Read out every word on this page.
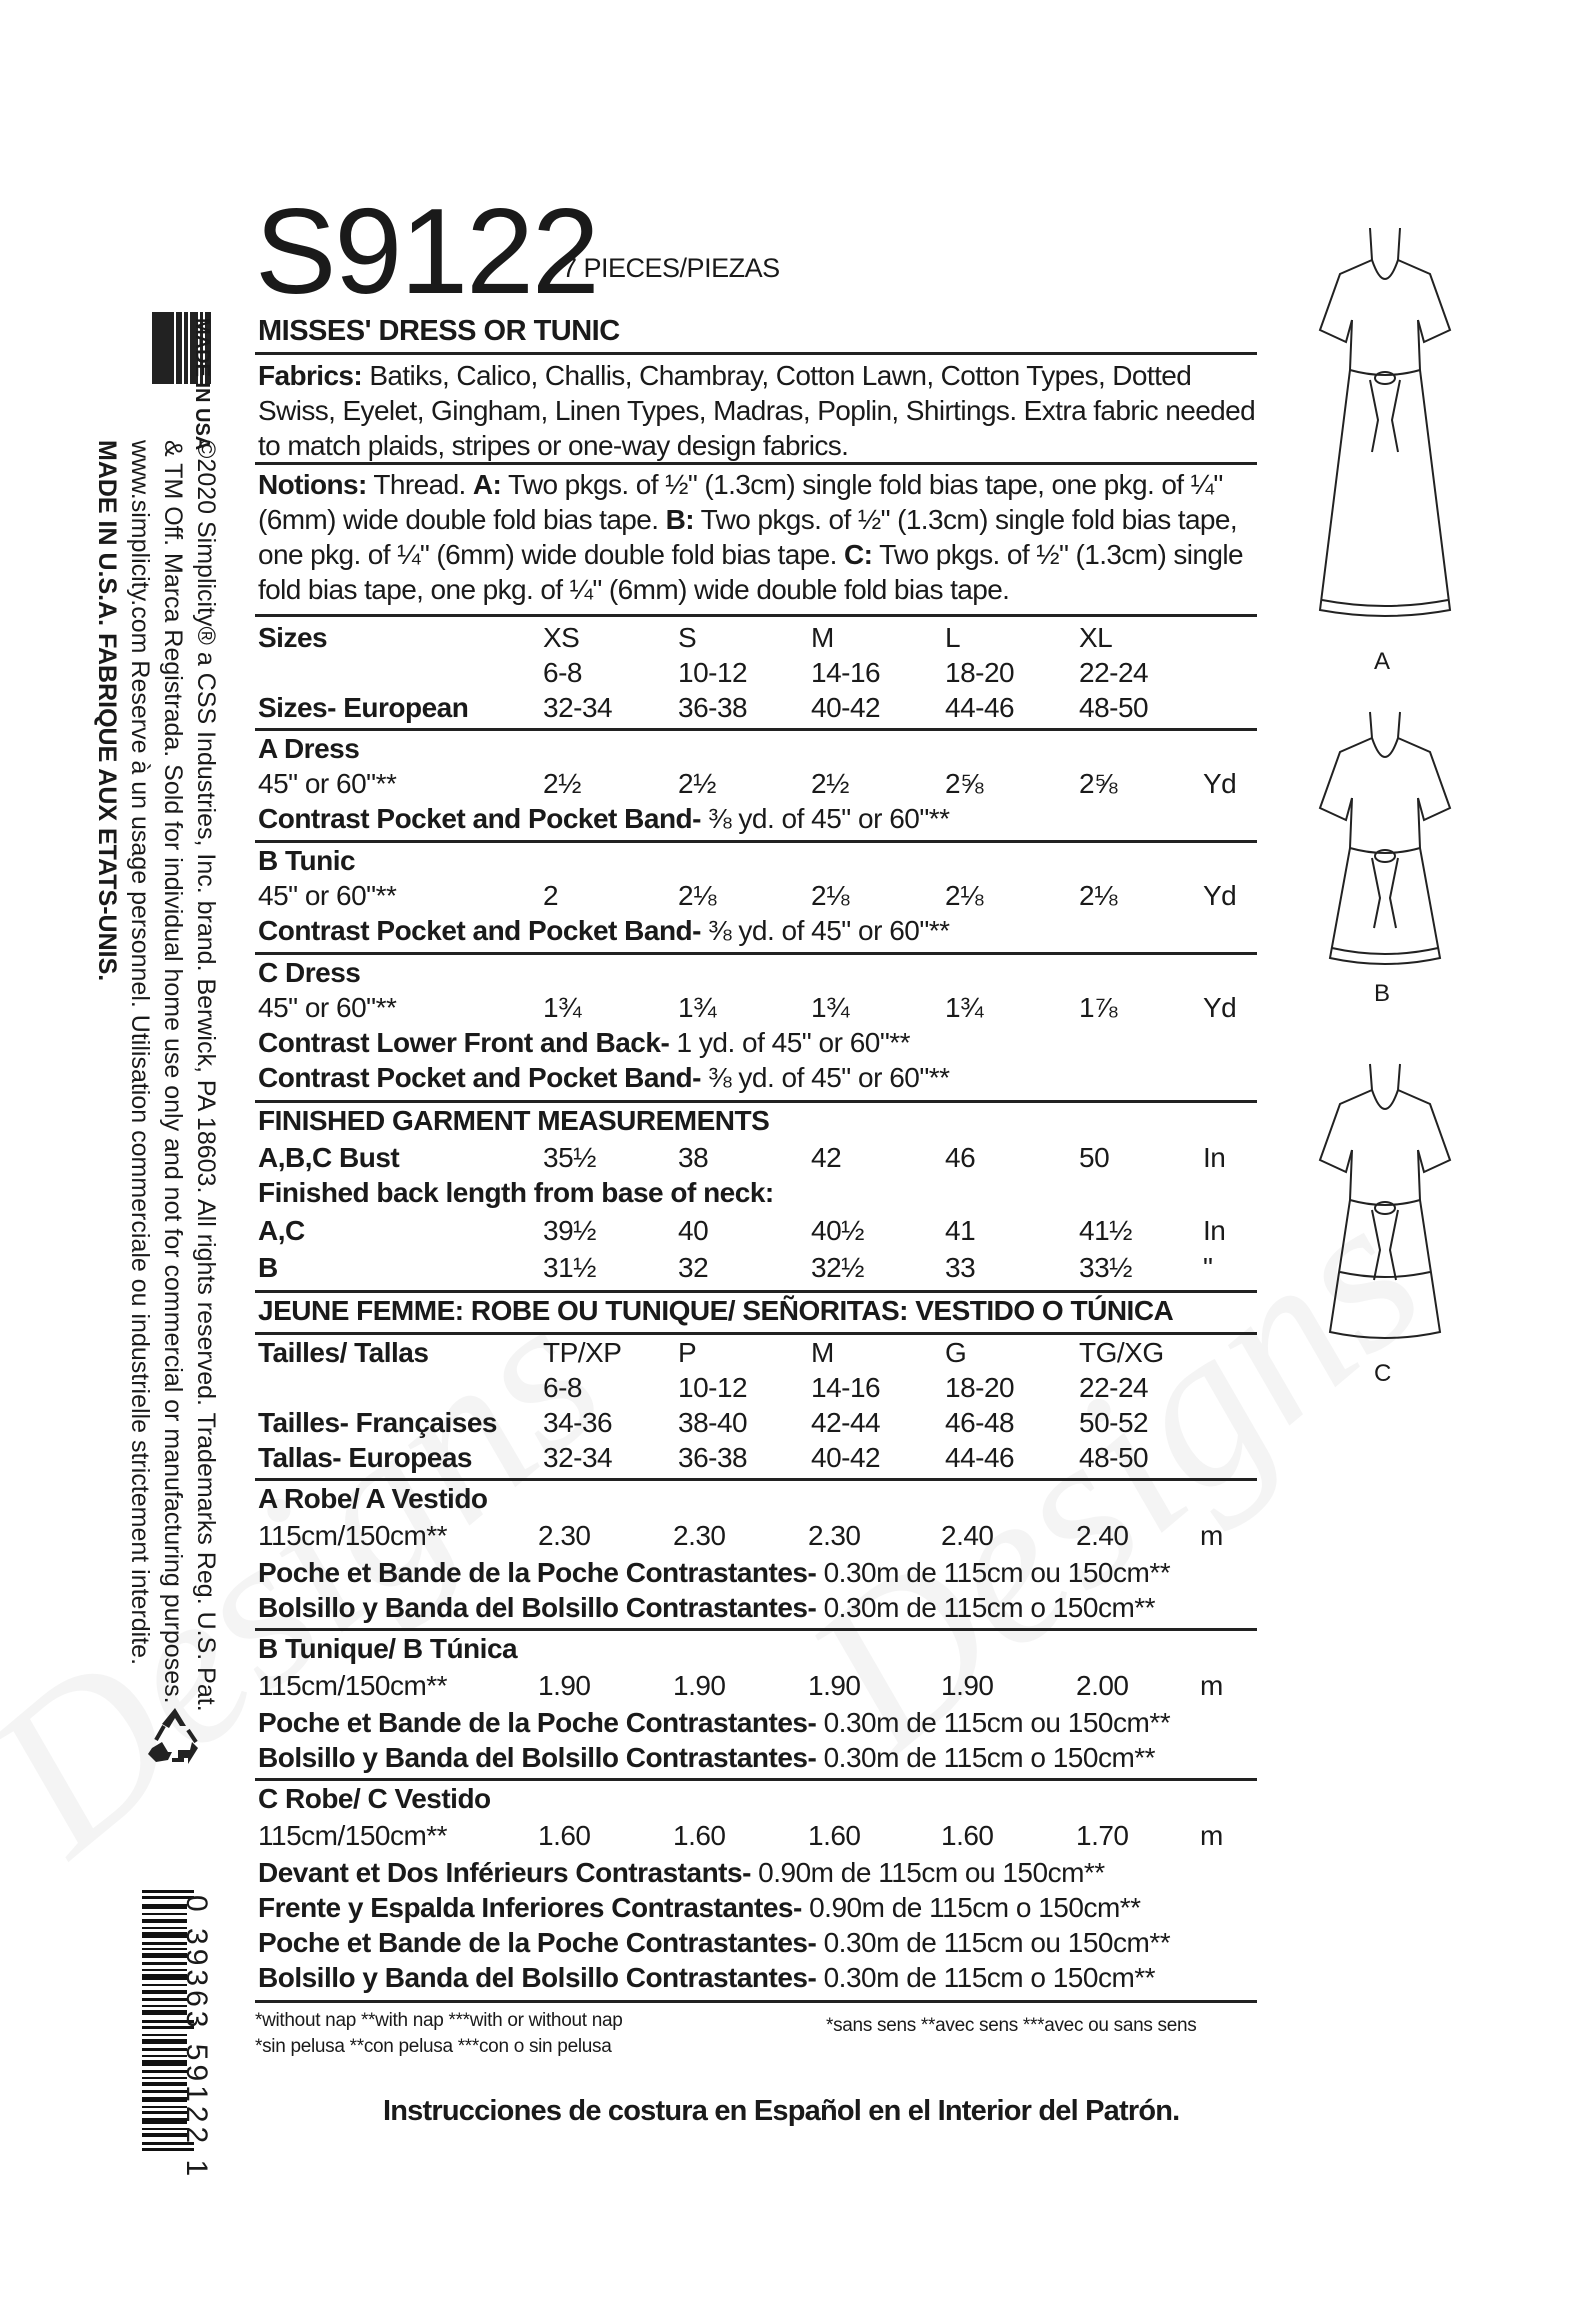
MADE IN USA
©2020 Simplicity® a CSS Industries, Inc. brand. Berwick, PA 18603. All rights reserved. Trademarks Reg. U.S. Pat.
& TM Off. Marca Registrada. Sold for individual home use only and not for commercial or manufacturing purposes.
www.simplicity.com Reserve à un usage personnel. Utilisation commerciale ou industrielle strictement interdite.
MADE IN U.S.A. FABRIQUE AUX ETATS-UNIS.
0 39363 59122 1
S9122
7 PIECES/PIEZAS
MISSES' DRESS OR TUNIC
Fabrics: Batiks, Calico, Challis, Chambray, Cotton Lawn, Cotton Types, Dotted Swiss, Eyelet, Gingham, Linen Types, Madras, Poplin, Shirtings. Extra fabric needed to match plaids, stripes or one-way design fabrics.
Notions: Thread. A: Two pkgs. of ½" (1.3cm) single fold bias tape, one pkg. of ¼" (6mm) wide double fold bias tape. B: Two pkgs. of ½" (1.3cm) single fold bias tape, one pkg. of ¼" (6mm) wide double fold bias tape. C: Two pkgs. of ½" (1.3cm) single fold bias tape, one pkg. of ¼" (6mm) wide double fold bias tape.
Sizes	XS	S	M	L	XL
6-8	10-12 14-16 18-20 22-24
Sizes- European	32-34 36-38 40-42 44-46 48-50
A Dress
45" or 60"**	2½	2½	2½	2⅝	2⅝	Yd
Contrast Pocket and Pocket Band- ⅜ yd. of 45" or 60"**
B Tunic
45" or 60"**	2	2⅛	2⅛	2⅛	2⅛	Yd
Contrast Pocket and Pocket Band- ⅜ yd. of 45" or 60"**
C Dress
45" or 60"**	1¾	1¾	1¾	1¾	1⅞	Yd
Contrast Lower Front and Back- 1 yd. of 45" or 60"**
Contrast Pocket and Pocket Band- ⅜ yd. of 45" or 60"**
FINISHED GARMENT MEASUREMENTS
A,B,C Bust	35½	38	42	46	50	In
Finished back length from base of neck:
A,C	39½	40	40½	41	41½	In
B	31½	32	32½	33	33½	"
JEUNE FEMME: ROBE OU TUNIQUE/ SEÑORITAS: VESTIDO O TÚNICA
Tailles/ Tallas	TP/XP P	M	G	TG/XG
6-8	10-12 14-16 18-20 22-24
Tailles- Françaises 34-36 38-40 42-44 46-48 50-52
Tallas- Europeas	32-34 36-38 40-42 44-46 48-50
A Robe/ A Vestido
115cm/150cm**	2.30	2.30	2.30	2.40	2.40	m
Poche et Bande de la Poche Contrastantes- 0.30m de 115cm ou 150cm**
Bolsillo y Banda del Bolsillo Contrastantes- 0.30m de 115cm o 150cm**
B Tunique/ B Túnica
115cm/150cm**	1.90	1.90	1.90	1.90	2.00	m
Poche et Bande de la Poche Contrastantes- 0.30m de 115cm ou 150cm**
Bolsillo y Banda del Bolsillo Contrastantes- 0.30m de 115cm o 150cm**
C Robe/ C Vestido
115cm/150cm**	1.60	1.60	1.60	1.60	1.70	m
Devant et Dos Inférieurs Contrastants- 0.90m de 115cm ou 150cm**
Frente y Espalda Inferiores Contrastantes- 0.90m de 115cm o 150cm**
Poche et Bande de la Poche Contrastantes- 0.30m de 115cm ou 150cm**
Bolsillo y Banda del Bolsillo Contrastantes- 0.30m de 115cm o 150cm**
*without nap **with nap ***with or without nap
*sin pelusa **con pelusa ***con o sin pelusa
*sans sens **avec sens ***avec ou sans sens
Instrucciones de costura en Español en el Interior del Patrón.
A
B
C
